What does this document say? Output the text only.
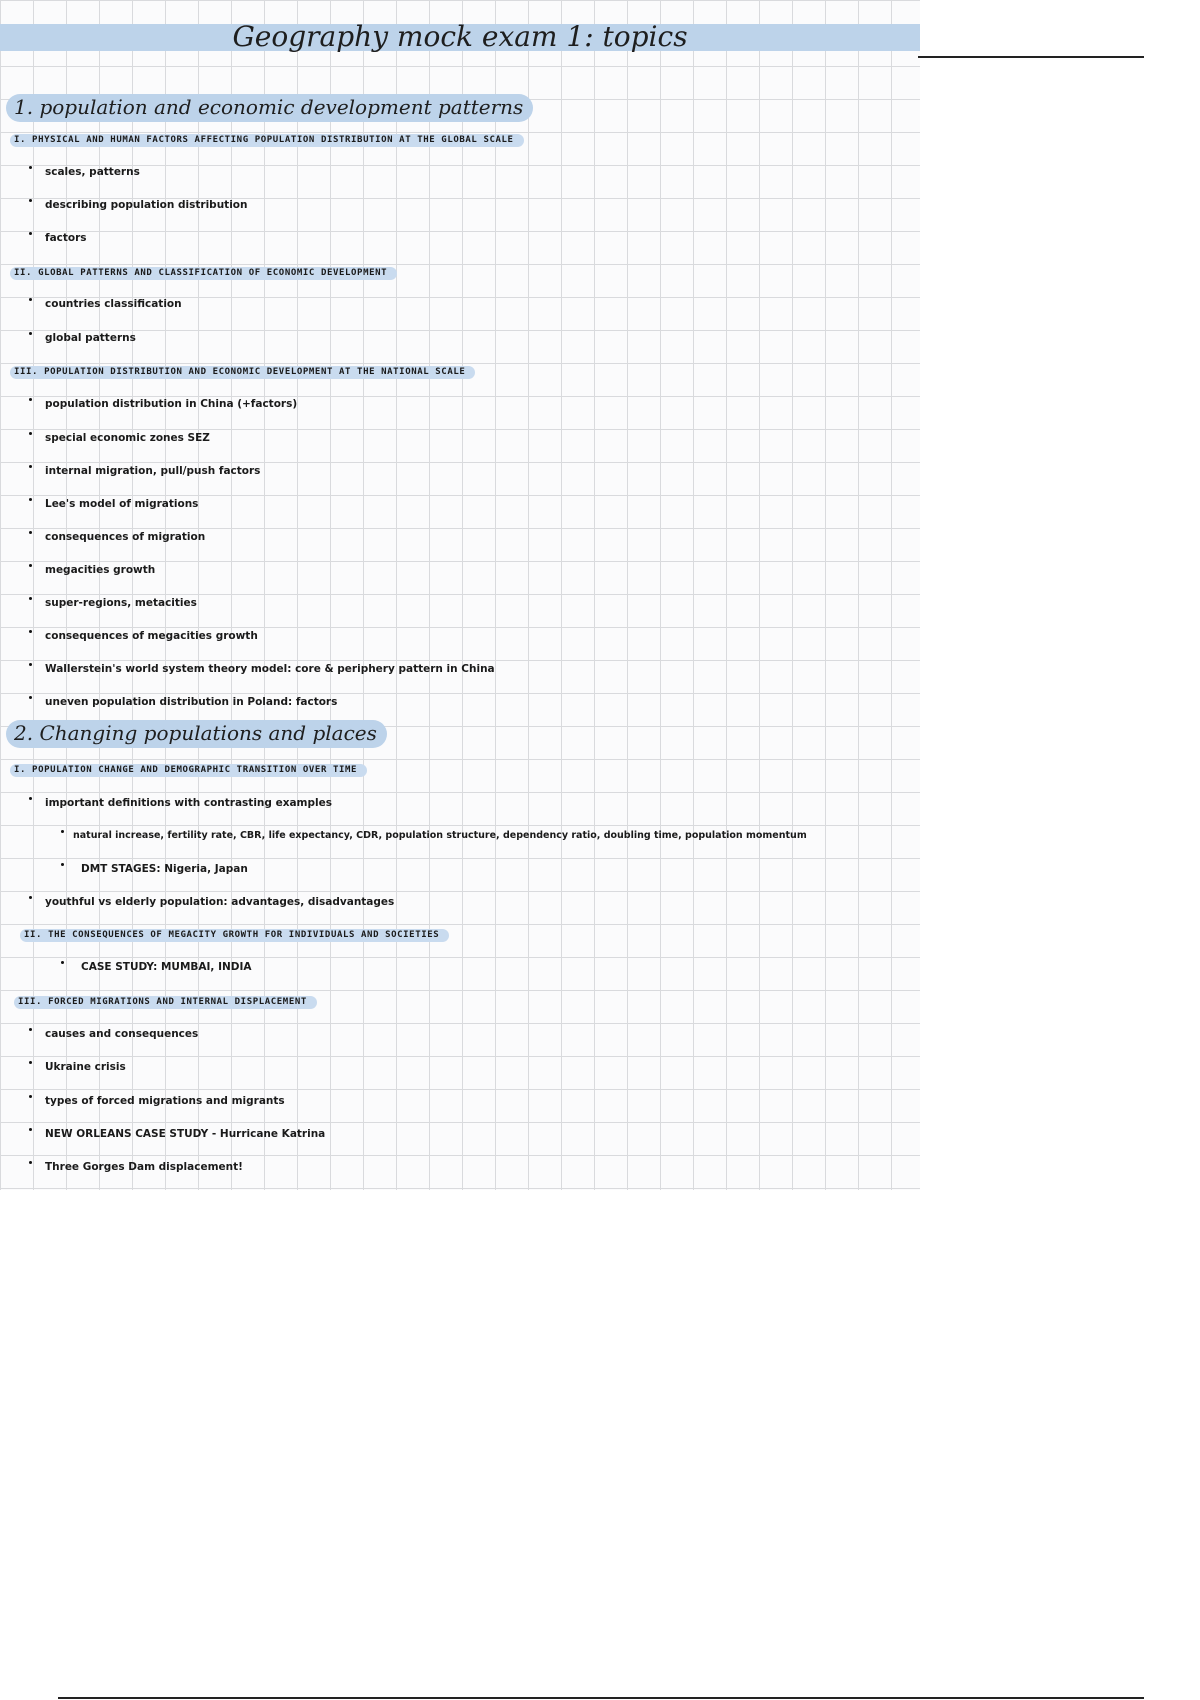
Geography mock exam 1: topics
1. population and economic development patterns
I. PHYSICAL AND HUMAN FACTORS AFFECTING POPULATION DISTRIBUTION AT THE GLOBAL SCALE
scales, patterns
describing population distribution
factors
II. GLOBAL PATTERNS AND CLASSIFICATION OF ECONOMIC DEVELOPMENT
countries classification
global patterns
III. POPULATION DISTRIBUTION AND ECONOMIC DEVELOPMENT AT THE NATIONAL SCALE
population distribution in China (+factors)
special economic zones SEZ
internal migration, pull/push factors
Lee's model of migrations
consequences of migration
megacities growth
super-regions, metacities
consequences of megacities growth
Wallerstein's world system theory model: core & periphery pattern in China
uneven population distribution in Poland: factors
2. Changing populations and places
I. POPULATION CHANGE AND DEMOGRAPHIC TRANSITION OVER TIME
important definitions with contrasting examples
natural increase, fertility rate, CBR, life expectancy, CDR, population structure, dependency ratio, doubling time, population momentum
DMT STAGES: Nigeria, Japan
youthful vs elderly population: advantages, disadvantages
II. THE CONSEQUENCES OF MEGACITY GROWTH FOR INDIVIDUALS AND SOCIETIES
CASE STUDY: MUMBAI, INDIA
III. FORCED MIGRATIONS AND INTERNAL DISPLACEMENT
causes and consequences
Ukraine crisis
types of forced migrations and migrants
NEW ORLEANS CASE STUDY - Hurricane Katrina
Three Gorges Dam displacement!
